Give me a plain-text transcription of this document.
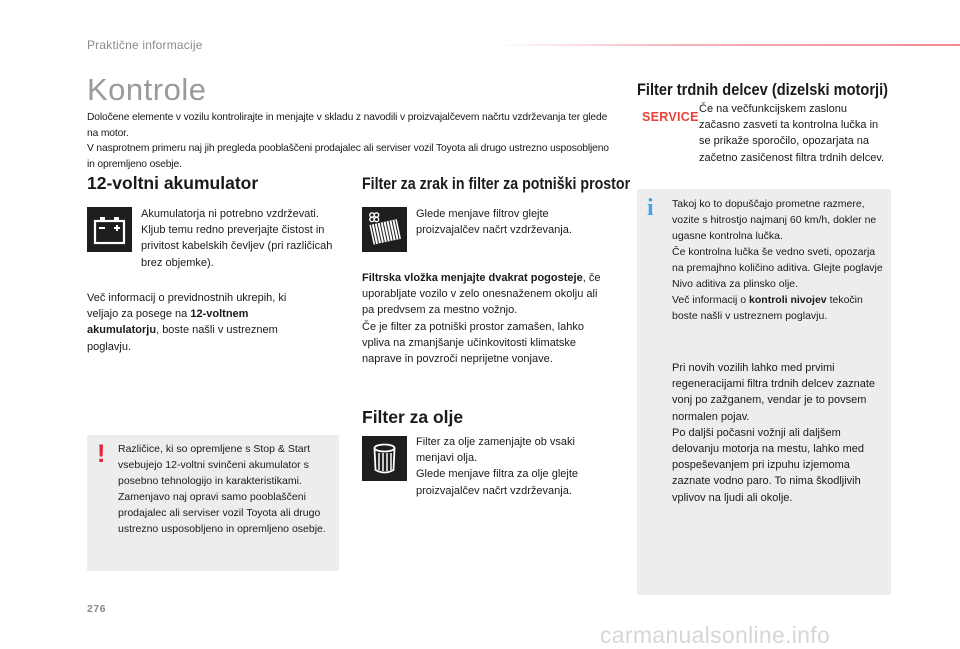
Praktične informacije
Kontrole

Določene elemente v vozilu kontrolirajte in menjajte v skladu z navodili v proizvajalčevem načrtu vzdrževanja ter glede na motor.

V nasprotnem primeru naj jih pregleda pooblaščeni prodajalec ali serviser vozil Toyota ali drugo ustrezno usposobljeno in opremljeno osebje.

12-voltni akumulator
Akumulatorja ni potrebno vzdrževati. Kljub temu redno preverjajte čistost in privitost kabelskih čevljev (pri različicah brez objemke).
Več informacij o previdnostnih ukrepih, ki veljajo za posege na 12-voltnem akumulatorju, boste našli v ustreznem poglavju.
! Različice, ki so opremljene s Stop & Start vsebujejo 12-voltni svinčeni akumulator s posebno tehnologijo in karakteristikami. Zamenjavo naj opravi samo pooblaščeni prodajalec ali serviser vozil Toyota ali drugo ustrezno usposobljeno in opremljeno osebje.
Filter za zrak in filter za potniški prostor
Glede menjave filtrov glejte proizvajalčev načrt vzdrževanja.
Filtrska vložka menjajte dvakrat pogosteje, če uporabljate vozilo v zelo onesnaženem okolju ali pa predvsem za mestno vožnjo.
Če je filter za potniški prostor zamašen, lahko vpliva na zmanjšanje učinkovitosti klimatske naprave in povzroči neprijetne vonjave.
Filter za olje
Filter za olje zamenjajte ob vsaki menjavi olja.
Glede menjave filtra za olje glejte proizvajalčev načrt vzdrževanja.
Filter trdnih delcev (dizelski motorji)
SERVICE
Če na večfunkcijskem zaslonu začasno zasveti ta kontrolna lučka in se prikaže sporočilo, opozarjata na začetno zasičenost filtra trdnih delcev.
i Takoj ko to dopuščajo prometne razmere, vozite s hitrostjo najmanj 60 km/h, dokler ne ugasne kontrolna lučka.

Če kontrolna lučka še vedno sveti, opozarja na premajhno količino aditiva. Glejte poglavje Nivo aditiva za plinsko olje.

Več informacij o kontroli nivojev tekočin boste našli v ustreznem poglavju.

Pri novih vozilih lahko med prvimi regeneracijami filtra trdnih delcev zaznate vonj po zažganem, vendar je to povsem normalen pojav.

Po daljši počasni vožnji ali daljšem delovanju motorja na mestu, lahko med pospeševanjem pri izpuhu izjemoma zaznate vodno paro. To nima škodljivih vplivov na ljudi ali okolje.

276
carmanualsonline.info
